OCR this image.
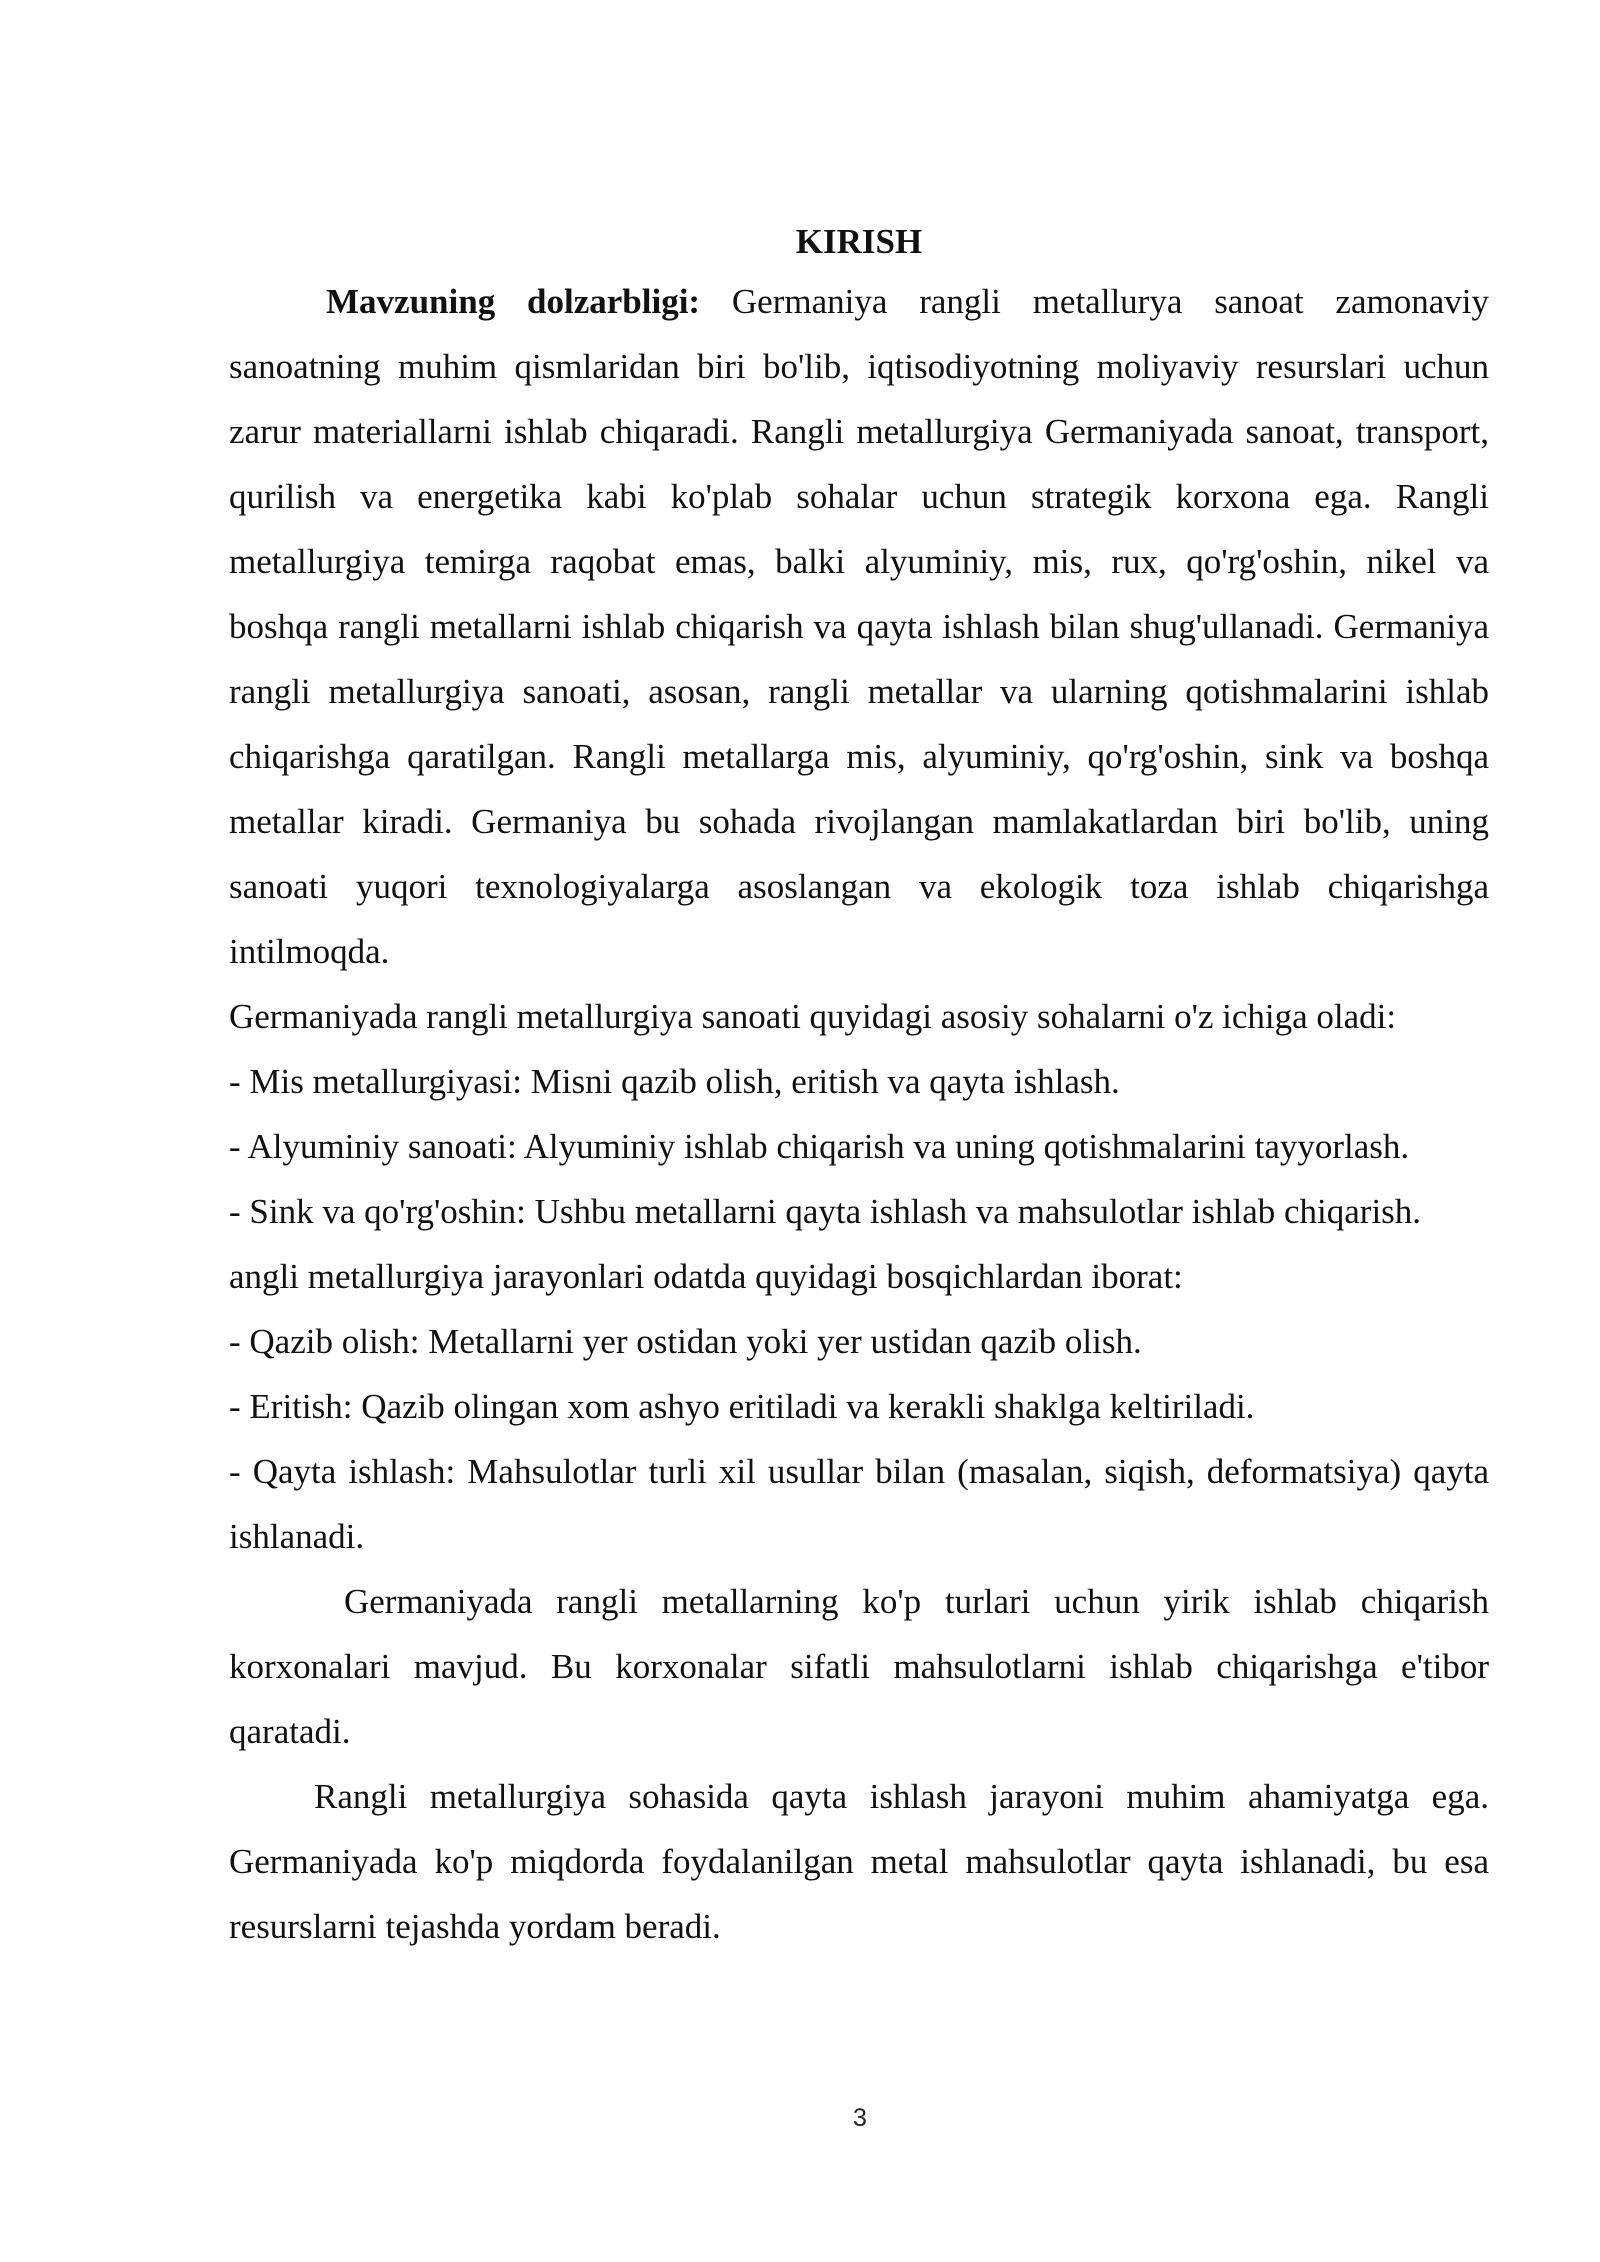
KIRISH

Mavzuning dolzarbligi: Germaniya rangli metallurya sanoat zamonaviy sanoatning muhim qismlaridan biri bo'lib, iqtisodiyotning moliyaviy resurslari uchun zarur materiallarni ishlab chiqaradi. Rangli metallurgiya Germaniyada sanoat, transport, qurilish va energetika kabi ko'plab sohalar uchun strategik korxona ega. Rangli metallurgiya temirga raqobat emas, balki alyuminiy, mis, rux, qo'rg'oshin, nikel va boshqa rangli metallarni ishlab chiqarish va qayta ishlash bilan shug'ullanadi. Germaniya rangli metallurgiya sanoati, asosan, rangli metallar va ularning qotishmalarini ishlab chiqarishga qaratilgan. Rangli metallarga mis, alyuminiy, qo'rg'oshin, sink va boshqa metallar kiradi. Germaniya bu sohada rivojlangan mamlakatlardan biri bo'lib, uning sanoati yuqori texnologiyalarga asoslangan va ekologik toza ishlab chiqarishga intilmoqda.

Germaniyada rangli metallurgiya sanoati quyidagi asosiy sohalarni o'z ichiga oladi:

- Mis metallurgiyasi: Misni qazib olish, eritish va qayta ishlash.

- Alyuminiy sanoati: Alyuminiy ishlab chiqarish va uning qotishmalarini tayyorlash.

- Sink va qo'rg'oshin: Ushbu metallarni qayta ishlash va mahsulotlar ishlab chiqarish.

angli metallurgiya jarayonlari odatda quyidagi bosqichlardan iborat:

- Qazib olish: Metallarni yer ostidan yoki yer ustidan qazib olish.

- Eritish: Qazib olingan xom ashyo eritiladi va kerakli shaklga keltiriladi.

- Qayta ishlash: Mahsulotlar turli xil usullar bilan (masalan, siqish, deformatsiya) qayta ishlanadi.

Germaniyada rangli metallarning ko'p turlari uchun yirik ishlab chiqarish korxonalari mavjud. Bu korxonalar sifatli mahsulotlarni ishlab chiqarishga e'tibor qaratadi.

Rangli metallurgiya sohasida qayta ishlash jarayoni muhim ahamiyatga ega. Germaniyada ko'p miqdorda foydalanilgan metal mahsulotlar qayta ishlanadi, bu esa resurslarni tejashda yordam beradi.

3
